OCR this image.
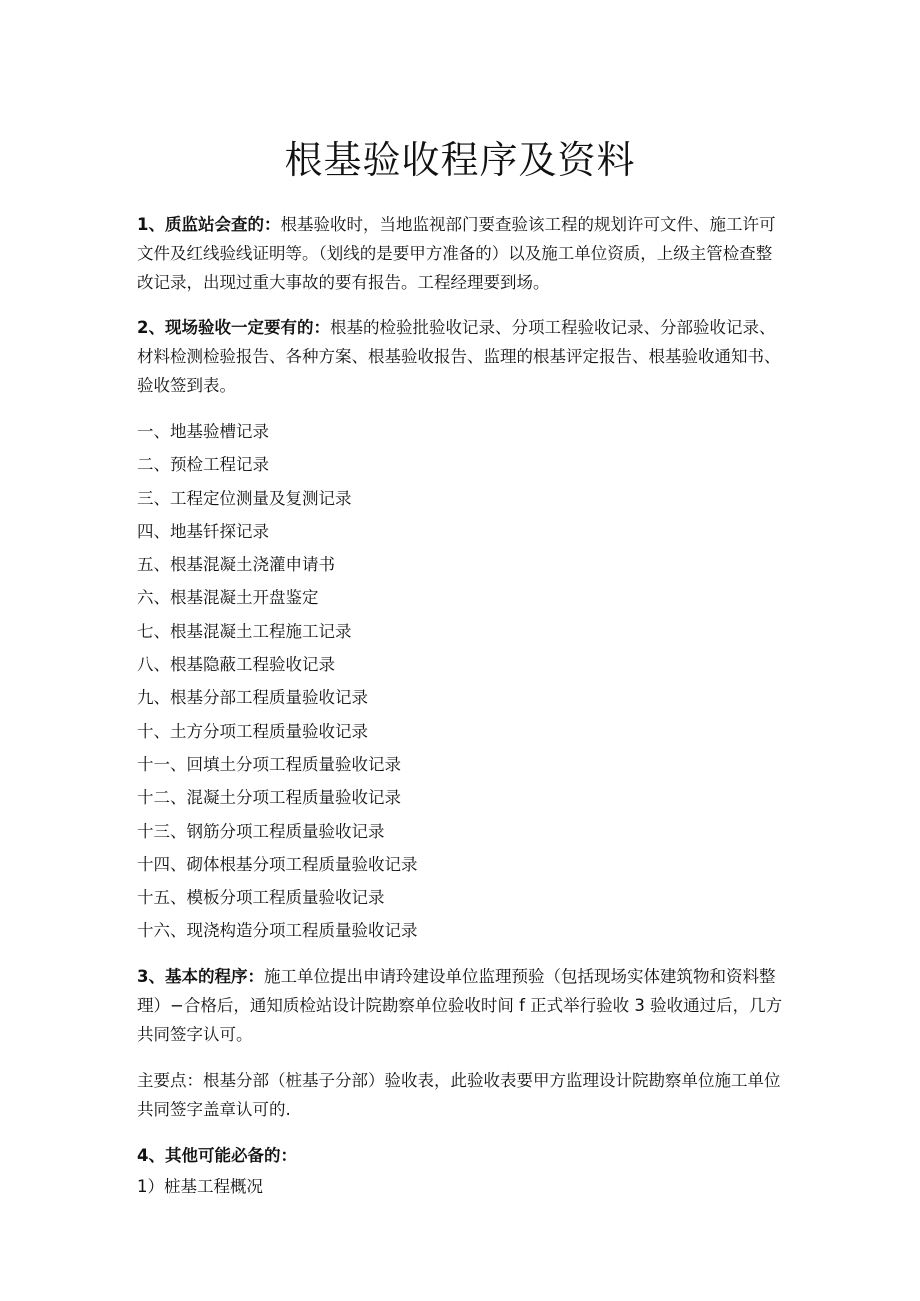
根基验收程序及资料

1、质监站会查的：根基验收时，当地监视部门要查验该工程的规划许可文件、施工许可文件及红线验线证明等。（划线的是要甲方准备的）以及施工单位资质，上级主管检查整改记录，出现过重大事故的要有报告。工程经理要到场。

2、现场验收一定要有的：根基的检验批验收记录、分项工程验收记录、分部验收记录、材料检测检验报告、各种方案、根基验收报告、监理的根基评定报告、根基验收通知书、验收签到表。

一、地基验槽记录
二、预检工程记录
三、工程定位测量及复测记录
四、地基钎探记录
五、根基混凝土浇灌申请书
六、根基混凝土开盘鉴定
七、根基混凝土工程施工记录
八、根基隐蔽工程验收记录
九、根基分部工程质量验收记录
十、土方分项工程质量验收记录
十一、回填土分项工程质量验收记录
十二、混凝土分项工程质量验收记录
十三、钢筋分项工程质量验收记录
十四、砌体根基分项工程质量验收记录
十五、模板分项工程质量验收记录
十六、现浇构造分项工程质量验收记录

3、基本的程序：施工单位提出申请玲建设单位监理预验（包括现场实体建筑物和资料整理）−合格后，通知质检站设计院勘察单位验收时间 f 正式举行验收 3 验收通过后，几方共同签字认可。

主要点：根基分部（桩基子分部）验收表，此验收表要甲方监理设计院勘察单位施工单位共同签字盖章认可的.

4、其他可能必备的：

1）桩基工程概况
